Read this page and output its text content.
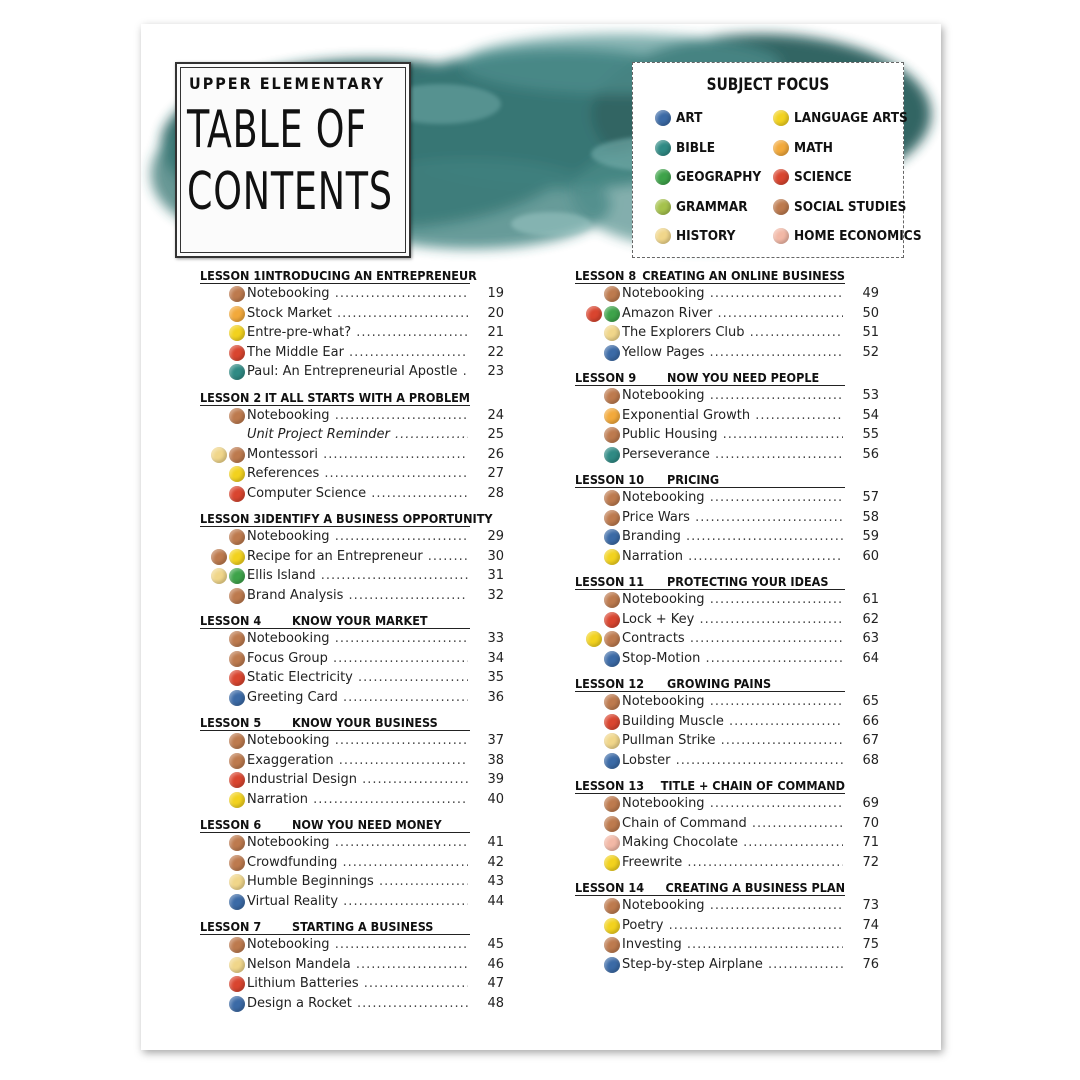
UPPER ELEMENTARY
TABLE OF
CONTENTS
SUBJECT FOCUS
ART
BIBLE
GEOGRAPHY
GRAMMAR
HISTORY
LANGUAGE ARTS
MATH
SCIENCE
SOCIAL STUDIES
HOME ECONOMICS
LESSON 1 INTRODUCING AN ENTREPRENEUR
Notebooking .....	19
Stock Market .....	20
Entre-pre-what? .....	21
The Middle Ear .....	22
Paul: An Entrepreneurial Apostle .....	23
LESSON 2 IT ALL STARTS WITH A PROBLEM
Notebooking .....	24
Unit Project Reminder .....	25
Montessori .....	26
References .....	27
Computer Science .....	28
LESSON 3 IDENTIFY A BUSINESS OPPORTUNITY
Notebooking .....	29
Recipe for an Entrepreneur .....	30
Ellis Island .....	31
Brand Analysis .....	32
LESSON 4	KNOW YOUR MARKET
Notebooking .....	33
Focus Group .....	34
Static Electricity .....	35
Greeting Card .....	36
LESSON 5	KNOW YOUR BUSINESS
Notebooking .....	37
Exaggeration .....	38
Industrial Design .....	39
Narration .....	40
LESSON 6	NOW YOU NEED MONEY
Notebooking .....	41
Crowdfunding .....	42
Humble Beginnings .....	43
Virtual Reality .....	44
LESSON 7	STARTING A BUSINESS
Notebooking .....	45
Nelson Mandela .....	46
Lithium Batteries .....	47
Design a Rocket .....	48
LESSON 8 CREATING AN ONLINE BUSINESS
Notebooking .....	49
Amazon River .....	50
The Explorers Club .....	51
Yellow Pages .....	52
LESSON 9	NOW YOU NEED PEOPLE
Notebooking .....	53
Exponential Growth .....	54
Public Housing .....	55
Perseverance .....	56
LESSON 10	PRICING
Notebooking .....	57
Price Wars .....	58
Branding .....	59
Narration .....	60
LESSON 11	PROTECTING YOUR IDEAS
Notebooking .....	61
Lock + Key .....	62
Contracts .....	63
Stop-Motion .....	64
LESSON 12	GROWING PAINS
Notebooking .....	65
Building Muscle .....	66
Pullman Strike .....	67
Lobster .....	68
LESSON 13	TITLE + CHAIN OF COMMAND
Notebooking .....	69
Chain of Command .....	70
Making Chocolate .....	71
Freewrite .....	72
LESSON 14	CREATING A BUSINESS PLAN
Notebooking .....	73
Poetry .....	74
Investing .....	75
Step-by-step Airplane .....	76
